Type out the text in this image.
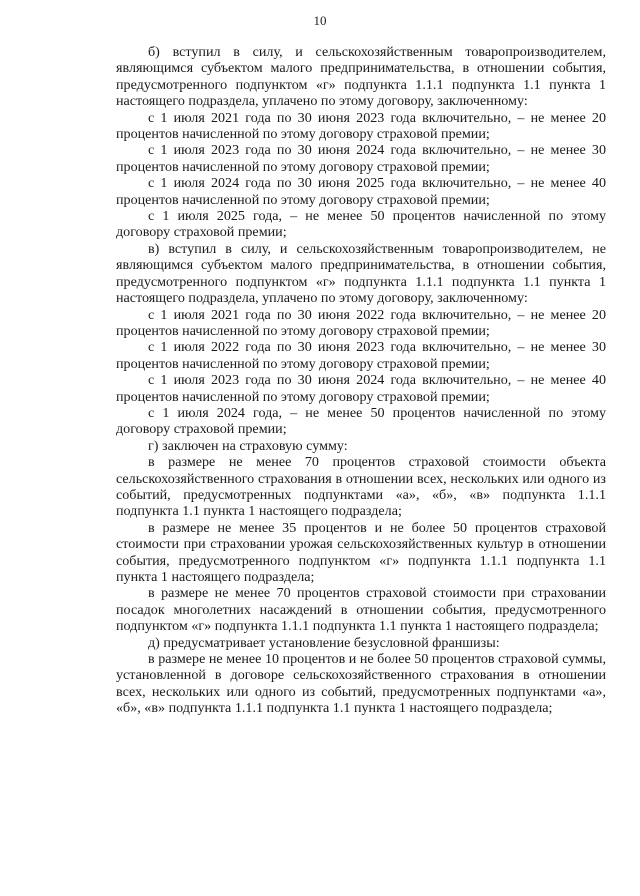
10

б) вступил в силу, и сельскохозяйственным товаропроизводителем, являющимся субъектом малого предпринимательства, в отношении события, предусмотренного подпунктом «г» подпункта 1.1.1 подпункта 1.1 пункта 1 настоящего подраздела, уплачено по этому договору, заключенному:

с 1 июля 2021 года по 30 июня 2023 года включительно, – не менее 20 процентов начисленной по этому договору страховой премии;

с 1 июля 2023 года по 30 июня 2024 года включительно, – не менее 30 процентов начисленной по этому договору страховой премии;

с 1 июля 2024 года по 30 июня 2025 года включительно, – не менее 40 процентов начисленной по этому договору страховой премии;

с 1 июля 2025 года, – не менее 50 процентов начисленной по этому договору страховой премии;

в) вступил в силу, и сельскохозяйственным товаропроизводителем, не являющимся субъектом малого предпринимательства, в отношении события, предусмотренного подпунктом «г» подпункта 1.1.1 подпункта 1.1 пункта 1 настоящего подраздела, уплачено по этому договору, заключенному:

с 1 июля 2021 года по 30 июня 2022 года включительно, – не менее 20 процентов начисленной по этому договору страховой премии;

с 1 июля 2022 года по 30 июня 2023 года включительно, – не менее 30 процентов начисленной по этому договору страховой премии;

с 1 июля 2023 года по 30 июня 2024 года включительно, – не менее 40 процентов начисленной по этому договору страховой премии;

с 1 июля 2024 года, – не менее 50 процентов начисленной по этому договору страховой премии;

г) заключен на страховую сумму:

в размере не менее 70 процентов страховой стоимости объекта сельскохозяйственного страхования в отношении всех, нескольких или одного из событий, предусмотренных подпунктами «а», «б», «в» подпункта 1.1.1 подпункта 1.1 пункта 1 настоящего подраздела;

в размере не менее 35 процентов и не более 50 процентов страховой стоимости при страховании урожая сельскохозяйственных культур в отношении события, предусмотренного подпунктом «г» подпункта 1.1.1 подпункта 1.1 пункта 1 настоящего подраздела;

в размере не менее 70 процентов страховой стоимости при страховании посадок многолетних насаждений в отношении события, предусмотренного подпунктом «г» подпункта 1.1.1 подпункта 1.1 пункта 1 настоящего подраздела;

д) предусматривает установление безусловной франшизы:

в размере не менее 10 процентов и не более 50 процентов страховой суммы, установленной в договоре сельскохозяйственного страхования в отношении всех, нескольких или одного из событий, предусмотренных подпунктами «а», «б», «в» подпункта 1.1.1 подпункта 1.1 пункта 1 настоящего подраздела;
